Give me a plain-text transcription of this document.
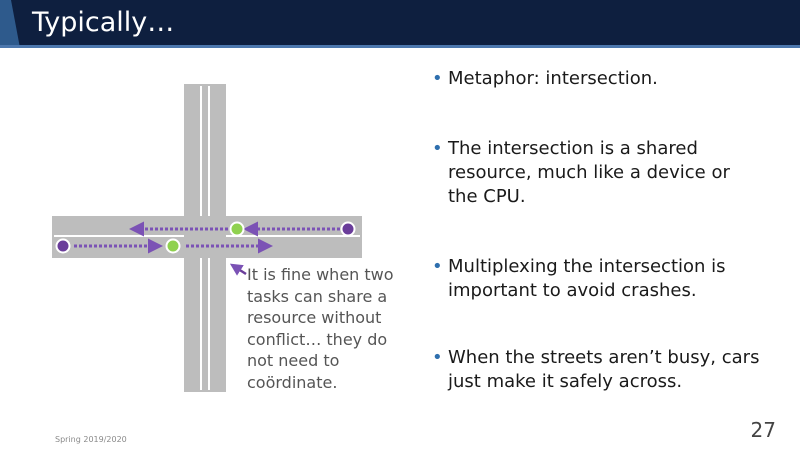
Typically…
It is fine when two tasks can share a resource without conflict… they do not need to coördinate.
• Metaphor: intersection.
• The intersection is a shared resource, much like a device or the CPU.
• Multiplexing the intersection is important to avoid crashes.
• When the streets aren’t busy, cars just make it safely across.
Spring 2019/2020	27
